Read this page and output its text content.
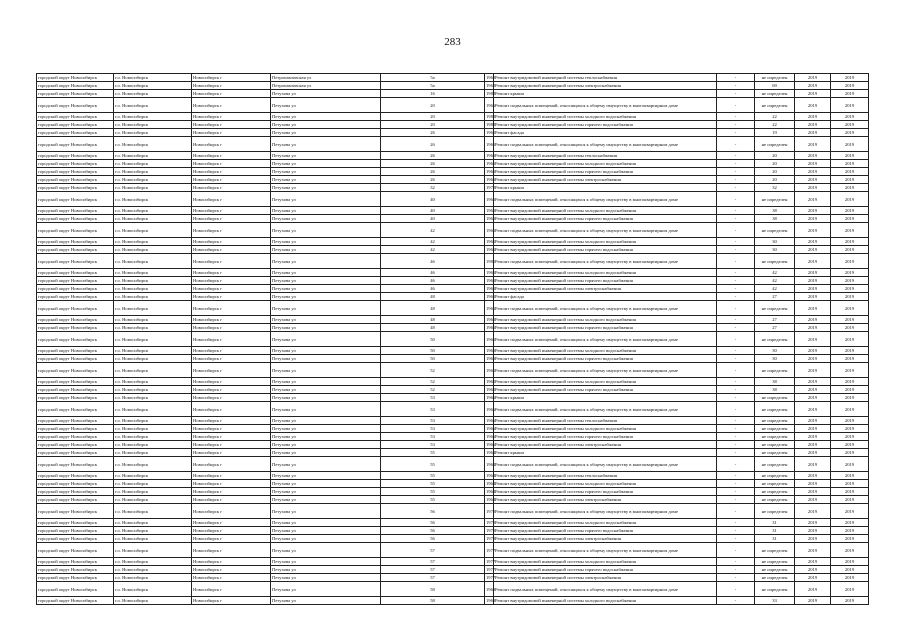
283
городской округ Новосибирск	г.о. Новосибирск	Новосибирск г	Петропавловская ул	5а	1960	Ремонт внутридомовой инженерной системы теплоснабжения	-	не определен	2019	2019
городской округ Новосибирск	г.о. Новосибирск	Новосибирск г	Петропавловская ул	5а	1960	Ремонт внутридомовой инженерной системы электроснабжения	-	69	2019	2019
городской округ Новосибирск	г.о. Новосибирск	Новосибирск г	Петухова ул	16	1988	Ремонт крыши	-	не определен	2019	2019
городской округ Новосибирск	г.о. Новосибирск	Новосибирск г	Петухова ул	20	1966	Ремонт подвальных помещений, относящихся к общему имуществу в многоквартирном доме	-	не определен	2019	2019
городской округ Новосибирск	г.о. Новосибирск	Новосибирск г	Петухова ул	20	1988	Ремонт внутридомовой инженерной системы холодного водоснабжения	-	22	2019	2019
городской округ Новосибирск	г.о. Новосибирск	Новосибирск г	Петухова ул	20	1988	Ремонт внутридомовой инженерной системы горячего водоснабжения	-	22	2019	2019
городской округ Новосибирск	г.о. Новосибирск	Новосибирск г	Петухова ул	26	1965	Ремонт фасада	-	19	2019	2019
городской округ Новосибирск	г.о. Новосибирск	Новосибирск г	Петухова ул	26	1965	Ремонт подвальных помещений, относящихся к общему имуществу в многоквартирном доме	-	не определен	2019	2019
городской округ Новосибирск	г.о. Новосибирск	Новосибирск г	Петухова ул	26	1965	Ремонт внутридомовой инженерной системы теплоснабжения	-	20	2019	2019
городской округ Новосибирск	г.о. Новосибирск	Новосибирск г	Петухова ул	26	1965	Ремонт внутридомовой инженерной системы холодного водоснабжения	-	20	2019	2019
городской округ Новосибирск	г.о. Новосибирск	Новосибирск г	Петухова ул	26	1965	Ремонт внутридомовой инженерной системы горячего водоснабжения	-	20	2019	2019
городской округ Новосибирск	г.о. Новосибирск	Новосибирск г	Петухова ул	26	1965	Ремонт внутридомовой инженерной системы электроснабжения	-	20	2019	2019
городской округ Новосибирск	г.о. Новосибирск	Новосибирск г	Петухова ул	32	1970	Ремонт крыши	-	32	2019	2019
городской округ Новосибирск	г.о. Новосибирск	Новосибирск г	Петухова ул	40	1965	Ремонт подвальных помещений, относящихся к общему имуществу в многоквартирном доме	-	не определен	2019	2019
городской округ Новосибирск	г.о. Новосибирск	Новосибирск г	Петухова ул	40	1965	Ремонт внутридомовой инженерной системы холодного водоснабжения	-	38	2019	2019
городской округ Новосибирск	г.о. Новосибирск	Новосибирск г	Петухова ул	40	1965	Ремонт внутридомовой инженерной системы горячего водоснабжения	-	38	2019	2019
городской округ Новосибирск	г.о. Новосибирск	Новосибирск г	Петухова ул	42	1965	Ремонт подвальных помещений, относящихся к общему имуществу в многоквартирном доме	-	не определен	2019	2019
городской округ Новосибирск	г.о. Новосибирск	Новосибирск г	Петухова ул	42	1965	Ремонт внутридомовой инженерной системы холодного водоснабжения	-	30	2019	2019
городской округ Новосибирск	г.о. Новосибирск	Новосибирск г	Петухова ул	42	1965	Ремонт внутридомовой инженерной системы горячего водоснабжения	-	30	2019	2019
городской округ Новосибирск	г.о. Новосибирск	Новосибирск г	Петухова ул	46	1985	Ремонт подвальных помещений, относящихся к общему имуществу в многоквартирном доме	-	не определен	2019	2019
городской округ Новосибирск	г.о. Новосибирск	Новосибирск г	Петухова ул	46	1965	Ремонт внутридомовой инженерной системы холодного водоснабжения	-	42	2019	2019
городской округ Новосибирск	г.о. Новосибирск	Новосибирск г	Петухова ул	46	1965	Ремонт внутридомовой инженерной системы горячего водоснабжения	-	42	2019	2019
городской округ Новосибирск	г.о. Новосибирск	Новосибирск г	Петухова ул	46	1965	Ремонт внутридомовой инженерной системы электроснабжения	-	42	2019	2019
городской округ Новосибирск	г.о. Новосибирск	Новосибирск г	Петухова ул	48	1965	Ремонт фасада	-	27	2019	2019
городской округ Новосибирск	г.о. Новосибирск	Новосибирск г	Петухова ул	48	1965	Ремонт подвальных помещений, относящихся к общему имуществу в многоквартирном доме	-	не определен	2019	2019
городской округ Новосибирск	г.о. Новосибирск	Новосибирск г	Петухова ул	48	1965	Ремонт внутридомовой инженерной системы холодного водоснабжения	-	27	2019	2019
городской округ Новосибирск	г.о. Новосибирск	Новосибирск г	Петухова ул	48	1965	Ремонт внутридомовой инженерной системы горячего водоснабжения	-	27	2019	2019
городской округ Новосибирск	г.о. Новосибирск	Новосибирск г	Петухова ул	50	1965	Ремонт подвальных помещений, относящихся к общему имуществу в многоквартирном доме	-	не определен	2019	2019
городской округ Новосибирск	г.о. Новосибирск	Новосибирск г	Петухова ул	50	1965	Ремонт внутридомовой инженерной системы холодного водоснабжения	-	30	2019	2019
городской округ Новосибирск	г.о. Новосибирск	Новосибирск г	Петухова ул	50	1965	Ремонт внутридомовой инженерной системы горячего водоснабжения	-	30	2019	2019
городской округ Новосибирск	г.о. Новосибирск	Новосибирск г	Петухова ул	52	1965	Ремонт подвальных помещений, относящихся к общему имуществу в многоквартирном доме	-	не определен	2019	2019
городской округ Новосибирск	г.о. Новосибирск	Новосибирск г	Петухова ул	52	1965	Ремонт внутридомовой инженерной системы холодного водоснабжения	-	38	2019	2019
городской округ Новосибирск	г.о. Новосибирск	Новосибирск г	Петухова ул	52	1965	Ремонт внутридомовой инженерной системы горячего водоснабжения	-	38	2019	2019
городской округ Новосибирск	г.о. Новосибирск	Новосибирск г	Петухова ул	53	1966	Ремонт крыши	-	не определен	2019	2019
городской округ Новосибирск	г.о. Новосибирск	Новосибирск г	Петухова ул	53	1966	Ремонт подвальных помещений, относящихся к общему имуществу в многоквартирном доме	-	не определен	2019	2019
городской округ Новосибирск	г.о. Новосибирск	Новосибирск г	Петухова ул	53	1966	Ремонт внутридомовой инженерной системы теплоснабжения	-	не определен	2019	2019
городской округ Новосибирск	г.о. Новосибирск	Новосибирск г	Петухова ул	53	1966	Ремонт внутридомовой инженерной системы холодного водоснабжения	-	не определен	2019	2019
городской округ Новосибирск	г.о. Новосибирск	Новосибирск г	Петухова ул	53	1966	Ремонт внутридомовой инженерной системы горячего водоснабжения	-	не определен	2019	2019
городской округ Новосибирск	г.о. Новосибирск	Новосибирск г	Петухова ул	53	1966	Ремонт внутридомовой инженерной системы электроснабжения	-	не определен	2019	2019
городской округ Новосибирск	г.о. Новосибирск	Новосибирск г	Петухова ул	55	1964	Ремонт крыши	-	не определен	2019	2019
городской округ Новосибирск	г.о. Новосибирск	Новосибирск г	Петухова ул	55	1964	Ремонт подвальных помещений, относящихся к общему имуществу в многоквартирном доме	-	не определен	2019	2019
городской округ Новосибирск	г.о. Новосибирск	Новосибирск г	Петухова ул	55	1964	Ремонт внутридомовой инженерной системы теплоснабжения	-	не определен	2019	2019
городской округ Новосибирск	г.о. Новосибирск	Новосибирск г	Петухова ул	55	1964	Ремонт внутридомовой инженерной системы холодного водоснабжения	-	не определен	2019	2019
городской округ Новосибирск	г.о. Новосибирск	Новосибирск г	Петухова ул	55	1964	Ремонт внутридомовой инженерной системы горячего водоснабжения	-	не определен	2019	2019
городской округ Новосибирск	г.о. Новосибирск	Новосибирск г	Петухова ул	55	1964	Ремонт внутридомовой инженерной системы электроснабжения	-	не определен	2019	2019
городской округ Новосибирск	г.о. Новосибирск	Новосибирск г	Петухова ул	56	1970	Ремонт подвальных помещений, относящихся к общему имуществу в многоквартирном доме	-	не определен	2019	2019
городской округ Новосибирск	г.о. Новосибирск	Новосибирск г	Петухова ул	56	1970	Ремонт внутридомовой инженерной системы холодного водоснабжения	-	31	2019	2019
городской округ Новосибирск	г.о. Новосибирск	Новосибирск г	Петухова ул	56	1970	Ремонт внутридомовой инженерной системы горячего водоснабжения	-	31	2019	2019
городской округ Новосибирск	г.о. Новосибирск	Новосибирск г	Петухова ул	56	1970	Ремонт внутридомовой инженерной системы электроснабжения	-	31	2019	2019
городской округ Новосибирск	г.о. Новосибирск	Новосибирск г	Петухова ул	57	1977	Ремонт подвальных помещений, относящихся к общему имуществу в многоквартирном доме	-	не определен	2019	2019
городской округ Новосибирск	г.о. Новосибирск	Новосибирск г	Петухова ул	57	1977	Ремонт внутридомовой инженерной системы холодного водоснабжения	-	не определен	2019	2019
городской округ Новосибирск	г.о. Новосибирск	Новосибирск г	Петухова ул	57	1977	Ремонт внутридомовой инженерной системы горячего водоснабжения	-	не определен	2019	2019
городской округ Новосибирск	г.о. Новосибирск	Новосибирск г	Петухова ул	57	1977	Ремонт внутридомовой инженерной системы электроснабжения	-	не определен	2019	2019
городской округ Новосибирск	г.о. Новосибирск	Новосибирск г	Петухова ул	58	1969	Ремонт подвальных помещений, относящихся к общему имуществу в многоквартирном доме	-	не определен	2019	2019
городской округ Новосибирск	г.о. Новосибирск	Новосибирск г	Петухова ул	58	1969	Ремонт внутридомовой инженерной системы холодного водоснабжения	-	33	2019	2019
